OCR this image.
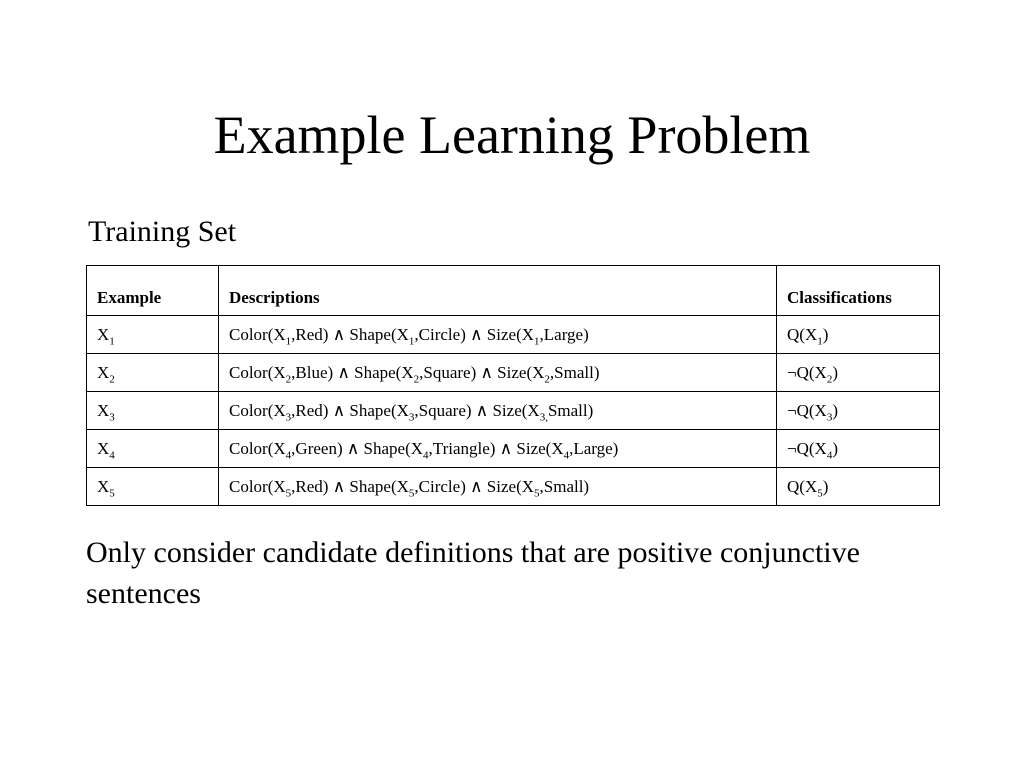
Example Learning Problem
Training Set
Example	Descriptions	Classifications
$X_1$	$Color(X_1,Red)$ ∧ $Shape(X_1,Circle)$ ∧ $Size(X_1,Large)$	$Q(X_1)$
$X_2$	$Color(X_2,Blue)$ ∧ $Shape(X_2,Square)$ ∧ $Size(X_2,Small)$	$\neg Q(X_2)$
$X_3$	$Color(X_3,Red)$ ∧ $Shape(X_3,Square)$ ∧ $Size(X_{3,}Small)$	$\neg Q(X_3)$
$X_4$	$Color(X_4,Green)$ ∧ $Shape(X_4,Triangle)$ ∧ $Size(X_4,Large)$	$\neg Q(X_4)$
$X_5$	$Color(X_5,Red)$ ∧ $Shape(X_5,Circle)$ ∧ $Size(X_5,Small)$	$Q(X_5)$
Only consider candidate definitions that are positive conjunctive sentences
